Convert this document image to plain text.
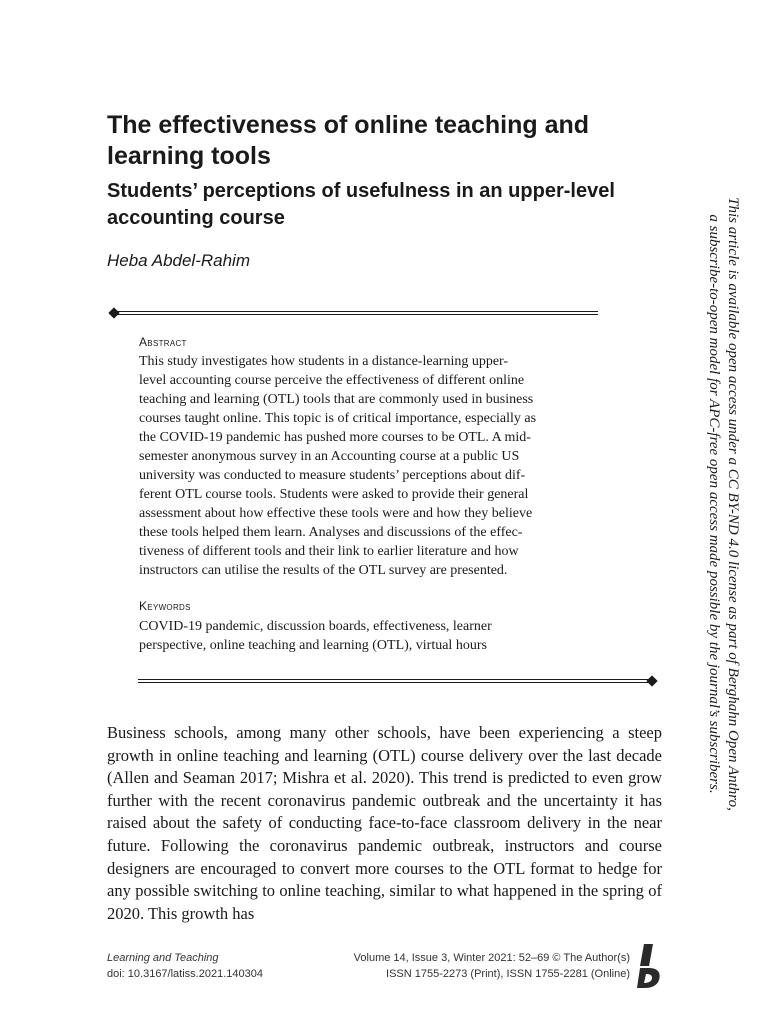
The effectiveness of online teaching and learning tools
Students’ perceptions of usefulness in an upper-level accounting course
Heba Abdel-Rahim
Abstract
This study investigates how students in a distance-learning upper-
level accounting course perceive the effectiveness of different online
teaching and learning (OTL) tools that are commonly used in business
courses taught online. This topic is of critical importance, especially as
the COVID-19 pandemic has pushed more courses to be OTL. A mid-
semester anonymous survey in an Accounting course at a public US
university was conducted to measure students’ perceptions about dif-
ferent OTL course tools. Students were asked to provide their general
assessment about how effective these tools were and how they believe
these tools helped them learn. Analyses and discussions of the effec-
tiveness of different tools and their link to earlier literature and how
instructors can utilise the results of the OTL survey are presented.
Keywords
COVID-19 pandemic, discussion boards, effectiveness, learner
perspective, online teaching and learning (OTL), virtual hours

Business schools, among many other schools, have been experiencing a steep growth in online teaching and learning (OTL) course delivery over the last decade (Allen and Seaman 2017; Mishra et al. 2020). This trend is predicted to even grow further with the recent coronavirus pandemic outbreak and the uncertainty it has raised about the safety of conducting face-to-face classroom delivery in the near future. Following the coronavirus pandemic outbreak, instructors and course designers are encouraged to convert more courses to the OTL format to hedge for any possible switching to online teaching, similar to what happened in the spring of 2020. This growth has

This article is available open access under a CC BY-ND 4.0 license as part of Berghahn Open Anthro,
a subscribe-to-open model for APC-free open access made possible by the journal’s subscribers.
Learning and Teaching
doi: 10.3167/latiss.2021.140304
Volume 14, Issue 3, Winter 2021: 52–69 © The Author(s)
ISSN 1755-2273 (Print), ISSN 1755-2281 (Online)
